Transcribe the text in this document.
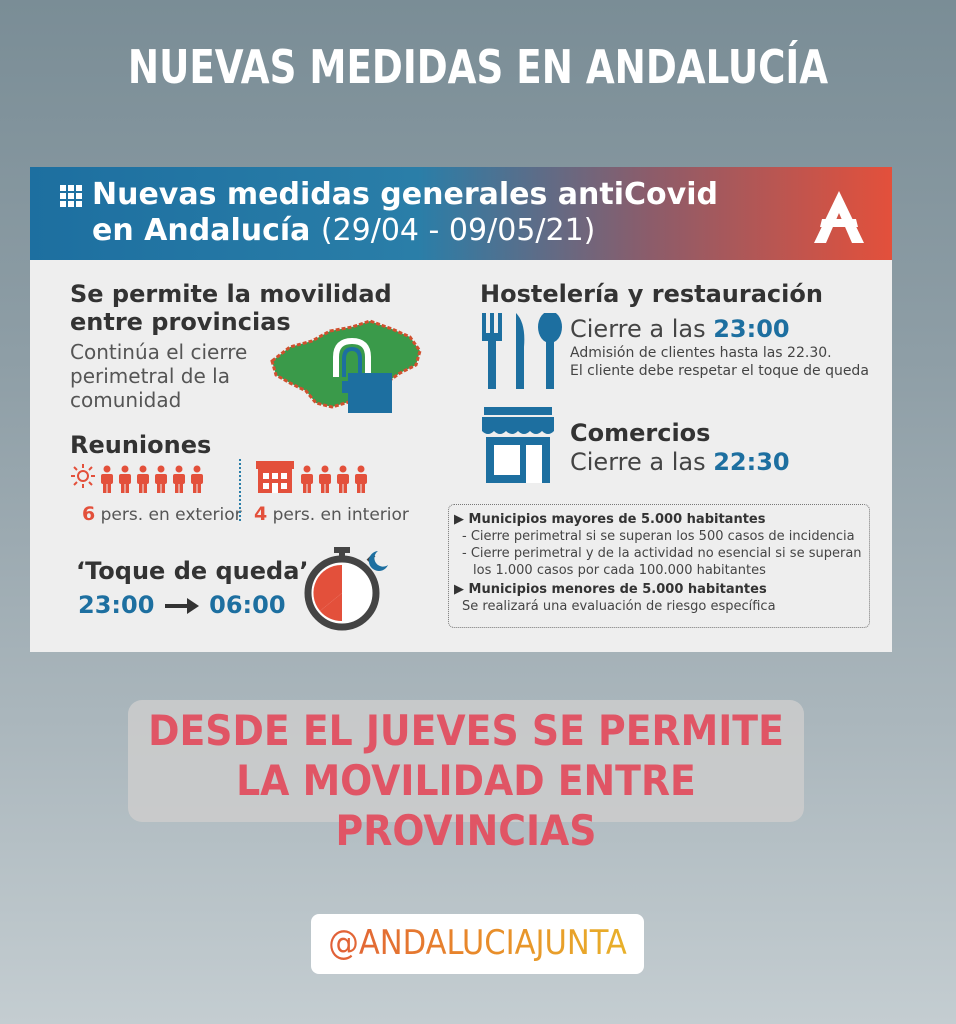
NUEVAS MEDIDAS EN ANDALUCÍA
Nuevas medidas generales antiCovid
en Andalucía (29/04 - 09/05/21)
Se permite la movilidad
entre provincias
Continúa el cierre perimetral de la comunidad
Reuniones
6 pers. en exterior 4 pers. en interior
‘Toque de queda’
23:00 06:00
Hostelería y restauración
Cierre a las 23:00
Admisión de clientes hasta las 22.30.
El cliente debe respetar el toque de queda
Comercios
Cierre a las 22:30
▶ Municipios mayores de 5.000 habitantes
- Cierre perimetral si se superan los 500 casos de incidencia
- Cierre perimetral y de la actividad no esencial si se superan
los 1.000 casos por cada 100.000 habitantes
▶ Municipios menores de 5.000 habitantes
Se realizará una evaluación de riesgo específica
DESDE EL JUEVES SE PERMITE LA MOVILIDAD ENTRE PROVINCIAS
@ANDALUCIAJUNTA
